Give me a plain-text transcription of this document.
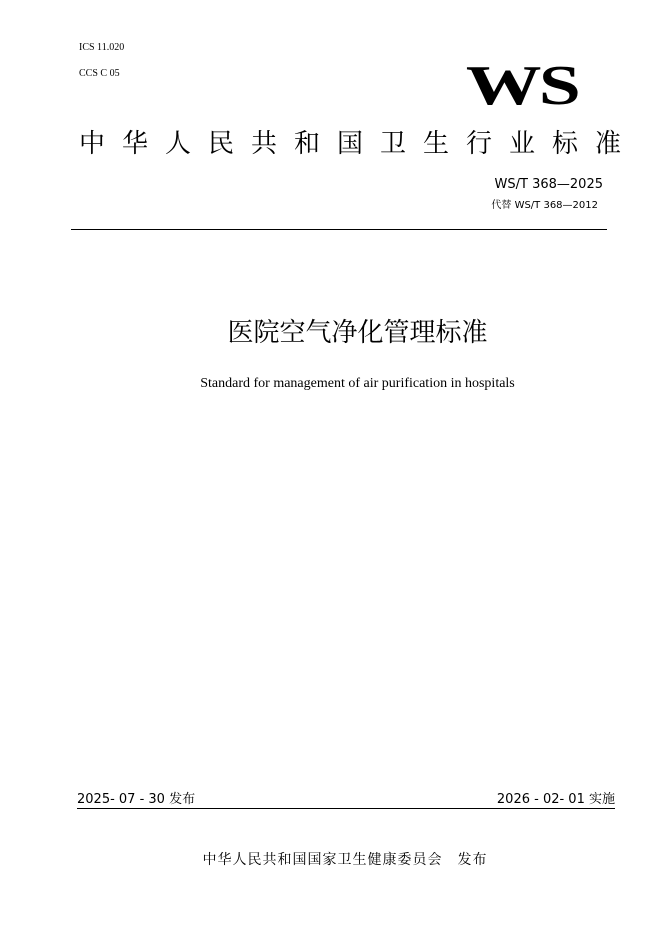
ICS 11.020
CCS C 05	WS
中华人民共和国卫生行业标准
WS/T 368—2025
代替 WS/T 368—2012
医院空气净化管理标准
Standard for management of air purification in hospitals
2025- 07 - 30 发布	2026 - 02- 01 实施
中华人民共和国国家卫生健康委员会　发布
